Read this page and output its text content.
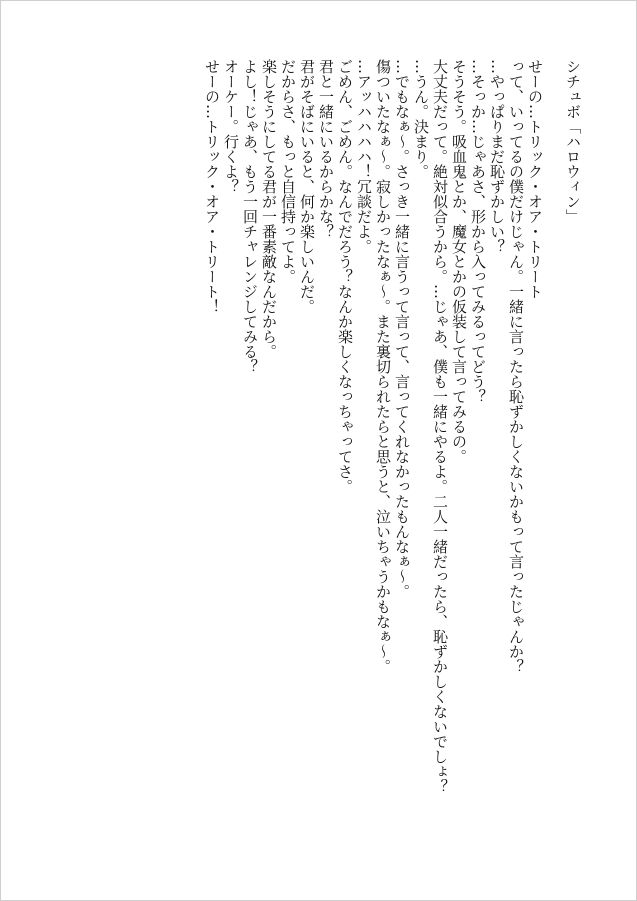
シチュボ「ハロウィン」
せーの…トリック・オア・トリート
って、いってるの僕だけじゃん。一緒に言ったら恥ずかしくないかもって言ったじゃんか？
…やっぱりまだ恥ずかしい？
…そっか…じゃあさ、形から入ってみるってどう？
そうそう。吸血鬼とか、魔女とかの仮装して言ってみるの。
大丈夫だって。絶対似合うから。…じゃあ、僕も一緒にやるよ。二人一緒だったら、恥ずかしくないでしょ？
…うん。決まり。
…でもなぁ～。さっき一緒に言うって言って、言ってくれなかったもんなぁ～。
傷ついたなぁ～。寂しかったなぁ～。また裏切られたらと思うと、泣いちゃうかもなぁ～。
…アッハハハハ！冗談だよ。
ごめん、ごめん。なんでだろう？なんか楽しくなっちゃってさ。
君と一緒にいるからかな？
君がそばにいると、何か楽しいんだ。
だからさ、もっと自信持ってよ。
楽しそうにしてる君が一番素敵なんだから。
よし！じゃあ、もう一回チャレンジしてみる？
オーケー。行くよ？
せーの…トリック・オア・トリート！
